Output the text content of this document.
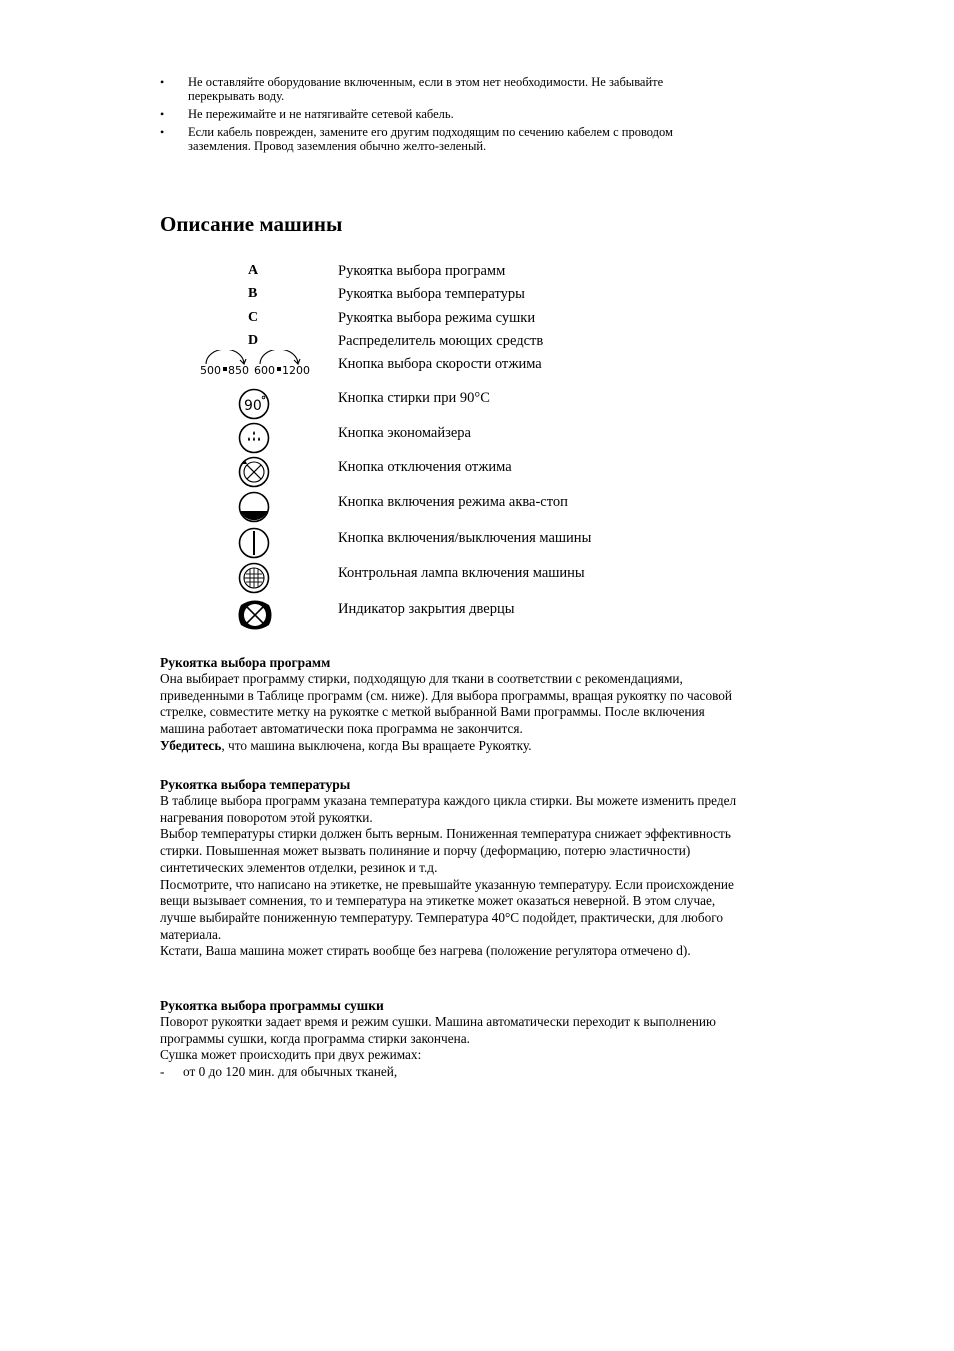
• Не оставляйте оборудование включенным, если в этом нет необходимости. Не забывайте перекрывать воду.
• Не пережимайте и не натягивайте сетевой кабель.
• Если кабель поврежден, замените его другим подходящим по сечению кабелем с проводом заземления. Провод заземления обычно желто-зеленый.
Описание машины
A	Рукоятка выбора программ
B	Рукоятка выбора температуры
C	Рукоятка выбора режима сушки
D	Распределитель моющих средств
500 850 600 1200 Кнопка выбора скорости отжима
90	Кнопка стирки при 90°С
Кнопка экономайзера
Кнопка отключения отжима
Кнопка включения режима аква-стоп
Кнопка включения/выключения машины
Контрольная лампа включения машины
Индикатор закрытия дверцы
Рукоятка выбора программ

Она выбирает программу стирки, подходящую для ткани в соответствии с рекомендациями, приведенными в Таблице программ (см. ниже). Для выбора программы, вращая рукоятку по часовой стрелке, совместите метку на рукоятке с меткой выбранной Вами программы. После включения машина работает автоматически пока программа не закончится.

Убедитесь, что машина выключена, когда Вы вращаете Рукоятку.

Рукоятка выбора температуры

В таблице выбора программ указана температура каждого цикла стирки. Вы можете изменить предел нагревания поворотом этой рукоятки.

Выбор температуры стирки должен быть верным. Пониженная температура снижает эффективность стирки. Повышенная может вызвать полиняние и порчу (деформацию, потерю эластичности) синтетических элементов отделки, резинок и т.д.

Посмотрите, что написано на этикетке, не превышайте указанную температуру. Если происхождение вещи вызывает сомнения, то и температура на этикетке может оказаться неверной. В этом случае, лучше выбирайте пониженную температуру. Температура 40°С подойдет, практически, для любого материала.

Кстати, Ваша машина может стирать вообще без нагрева (положение регулятора отмечено d).

Рукоятка выбора программы сушки

Поворот рукоятки задает время и режим сушки. Машина автоматически переходит к выполнению программы сушки, когда программа стирки закончена.

Сушка может происходить при двух режимах:

- от 0 до 120 мин. для обычных тканей,
